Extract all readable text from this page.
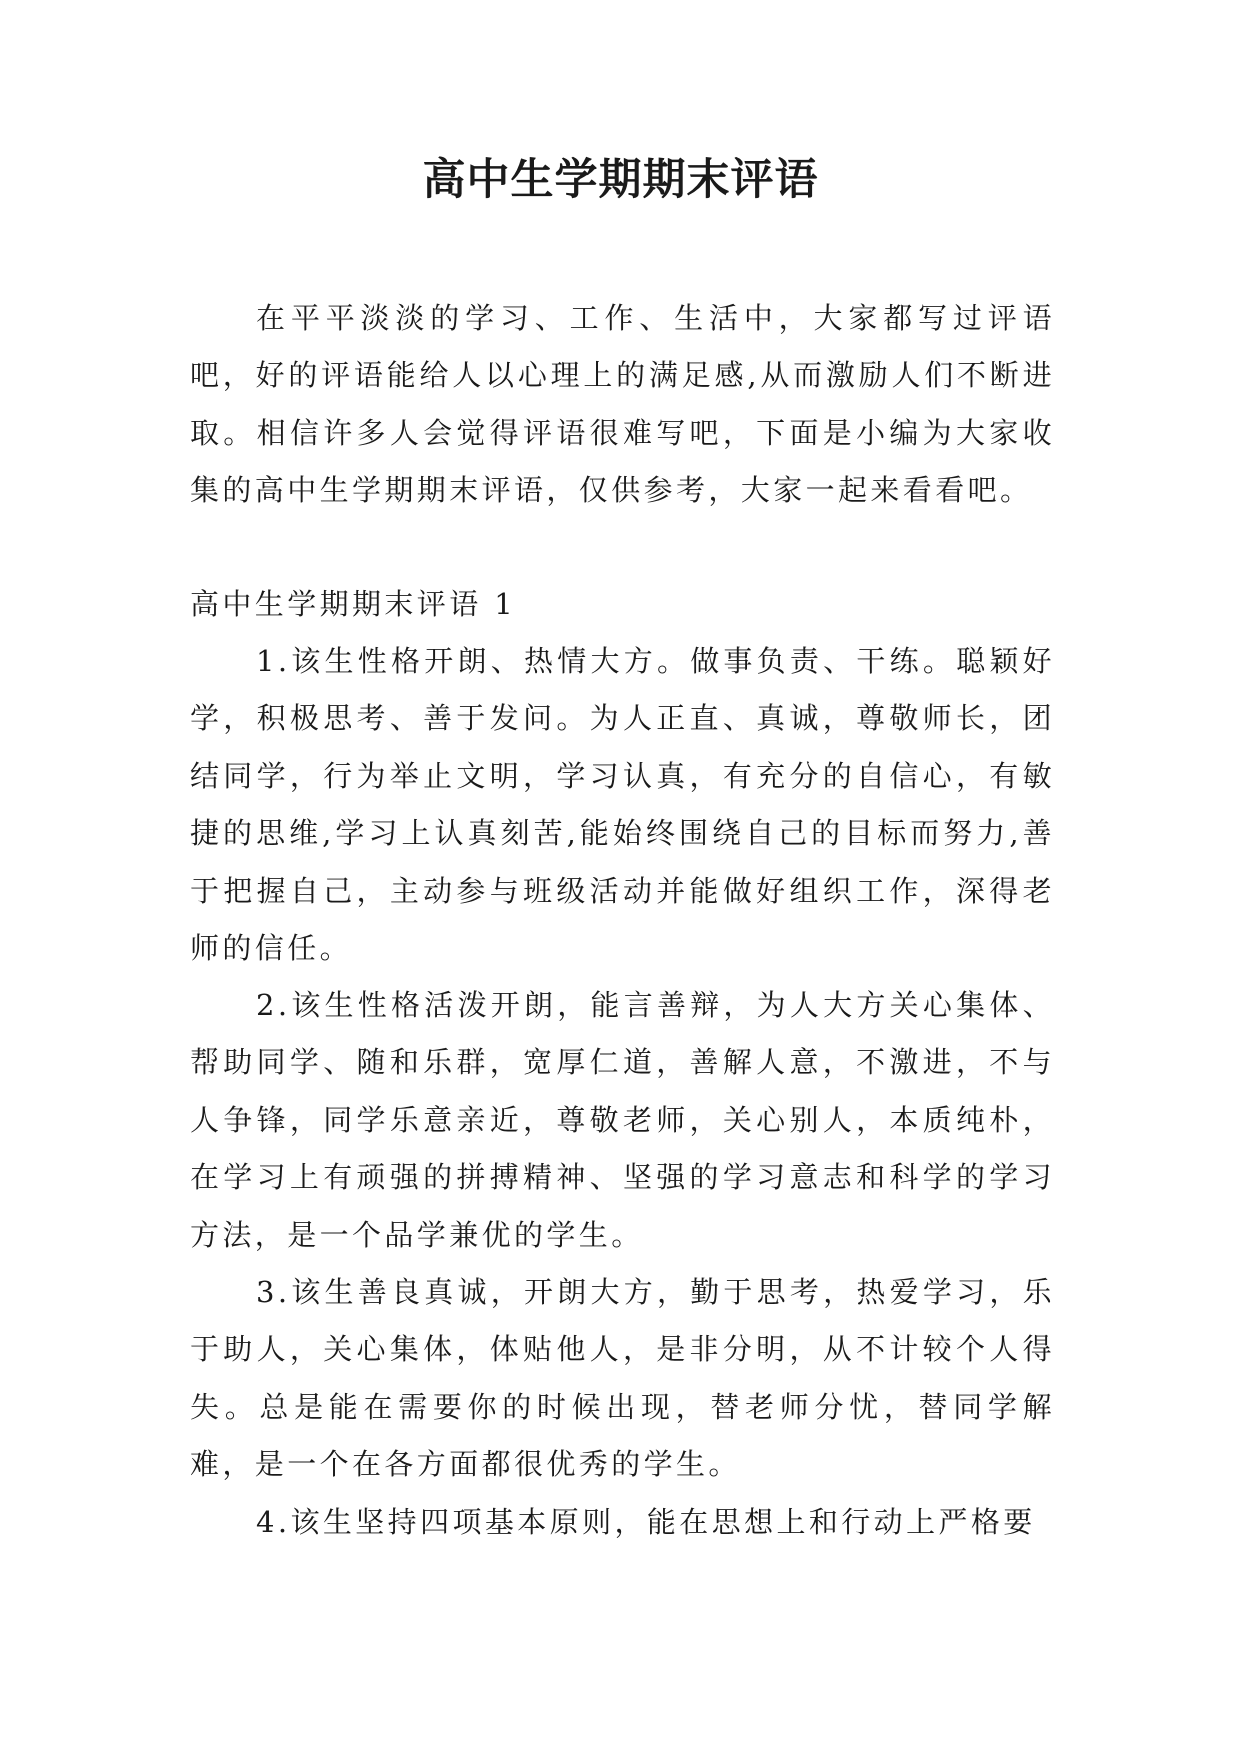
高中生学期期末评语

在平平淡淡的学习、工作、生活中，大家都写过评语吧，好的评语能给人以心理上的满足感,从而激励人们不断进取。相信许多人会觉得评语很难写吧，下面是小编为大家收集的高中生学期期末评语，仅供参考，大家一起来看看吧。

高中生学期期末评语 1

1.该生性格开朗、热情大方。做事负责、干练。聪颖好学，积极思考、善于发问。为人正直、真诚，尊敬师长，团结同学，行为举止文明，学习认真，有充分的自信心，有敏捷的思维,学习上认真刻苦,能始终围绕自己的目标而努力,善于把握自己，主动参与班级活动并能做好组织工作，深得老师的信任。

2.该生性格活泼开朗，能言善辩，为人大方关心集体、帮助同学、随和乐群，宽厚仁道，善解人意，不激进，不与人争锋，同学乐意亲近，尊敬老师，关心别人，本质纯朴，在学习上有顽强的拼搏精神、坚强的学习意志和科学的学习方法，是一个品学兼优的学生。

3.该生善良真诚，开朗大方，勤于思考，热爱学习，乐于助人，关心集体，体贴他人，是非分明，从不计较个人得失。总是能在需要你的时候出现，替老师分忧，替同学解难，是一个在各方面都很优秀的学生。

4.该生坚持四项基本原则，能在思想上和行动上严格要
